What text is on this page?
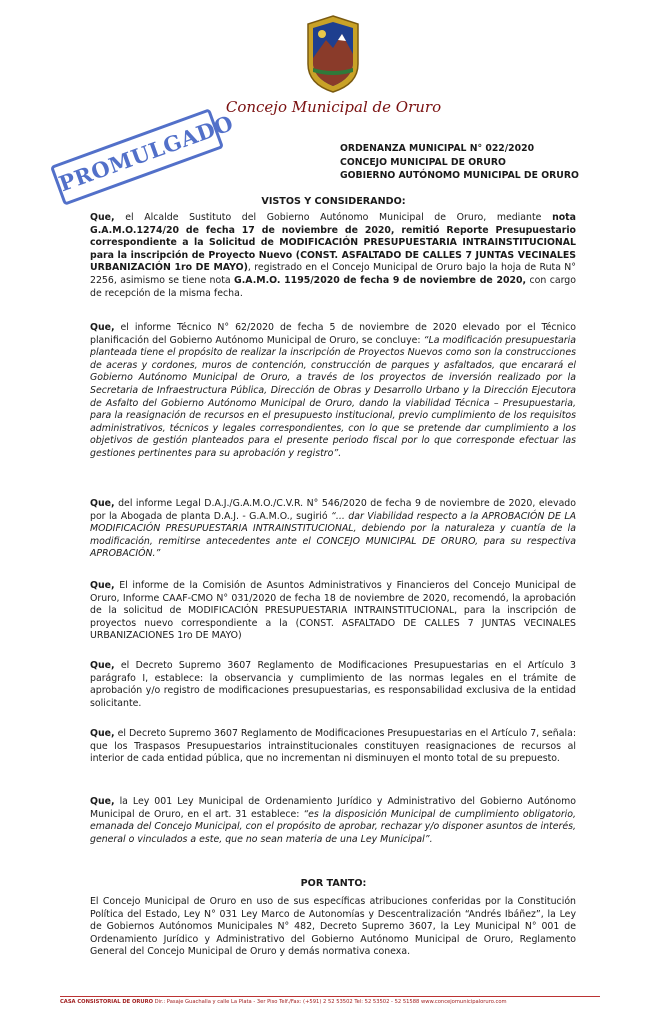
Concejo Municipal de Oruro
PROMULGADO	ORDENANZA MUNICIPAL N° 022/2020
CONCEJO MUNICIPAL DE ORURO
GOBIERNO AUTÓNOMO MUNICIPAL DE ORURO
VISTOS Y CONSIDERANDO:
Que, el Alcalde Sustituto del Gobierno Autónomo Municipal de Oruro, mediante nota G.A.M.O.1274/20 de fecha 17 de noviembre de 2020, remitió Reporte Presupuestario correspondiente a la Solicitud de MODIFICACIÓN PRESUPUESTARIA INTRAINSTITUCIONAL para la inscripción de Proyecto Nuevo (CONST. ASFALTADO DE CALLES 7 JUNTAS VECINALES URBANIZACIÓN 1ro DE MAYO), registrado en el Concejo Municipal de Oruro bajo la hoja de Ruta N° 2256, asimismo se tiene nota G.A.M.O. 1195/2020 de fecha 9 de noviembre de 2020, con cargo de recepción de la misma fecha.
Que, el informe Técnico N° 62/2020 de fecha 5 de noviembre de 2020 elevado por el Técnico planificación del Gobierno Autónomo Municipal de Oruro, se concluye: “La modificación presupuestaria planteada tiene el propósito de realizar la inscripción de Proyectos Nuevos como son la construcciones de aceras y cordones, muros de contención, construcción de parques y asfaltados, que encarará el Gobierno Autónomo Municipal de Oruro, a través de los proyectos de inversión realizado por la Secretaria de Infraestructura Pública, Dirección de Obras y Desarrollo Urbano y la Dirección Ejecutora de Asfalto del Gobierno Autónomo Municipal de Oruro, dando la viabilidad Técnica – Presupuestaria, para la reasignación de recursos en el presupuesto institucional, previo cumplimiento de los requisitos administrativos, técnicos y legales correspondientes, con lo que se pretende dar cumplimiento a los objetivos de gestión planteados para el presente periodo fiscal por lo que corresponde efectuar las gestiones pertinentes para su aprobación y registro”.
Que, del informe Legal D.A.J./G.A.M.O./C.V.R. N° 546/2020 de fecha 9 de noviembre de 2020, elevado por la Abogada de planta D.A.J. - G.A.M.O., sugirió “... dar Viabilidad respecto a la APROBACIÓN DE LA MODIFICACIÓN PRESUPUESTARIA INTRAINSTITUCIONAL, debiendo por la naturaleza y cuantía de la modificación, remitirse antecedentes ante el CONCEJO MUNICIPAL DE ORURO, para su respectiva APROBACIÓN.”
Que, El informe de la Comisión de Asuntos Administrativos y Financieros del Concejo Municipal de Oruro, Informe CAAF-CMO N° 031/2020 de fecha 18 de noviembre de 2020, recomendó, la aprobación de la solicitud de MODIFICACIÓN PRESUPUESTARIA INTRAINSTITUCIONAL, para la inscripción de proyectos nuevo correspondiente a la (CONST. ASFALTADO DE CALLES 7 JUNTAS VECINALES URBANIZACIONES 1ro DE MAYO)
Que, el Decreto Supremo 3607 Reglamento de Modificaciones Presupuestarias en el Artículo 3 parágrafo I, establece: la observancia y cumplimiento de las normas legales en el trámite de aprobación y/o registro de modificaciones presupuestarias, es responsabilidad exclusiva de la entidad solicitante.
Que, el Decreto Supremo 3607 Reglamento de Modificaciones Presupuestarias en el Artículo 7, señala: que los Traspasos Presupuestarios intrainstitucionales constituyen reasignaciones de recursos al interior de cada entidad pública, que no incrementan ni disminuyen el monto total de su prepuesto.
Que, la Ley 001 Ley Municipal de Ordenamiento Jurídico y Administrativo del Gobierno Autónomo Municipal de Oruro, en el art. 31 establece: “es la disposición Municipal de cumplimiento obligatorio, emanada del Concejo Municipal, con el propósito de aprobar, rechazar y/o disponer asuntos de interés, general o vinculados a este, que no sean materia de una Ley Municipal”.
POR TANTO:
El Concejo Municipal de Oruro en uso de sus específicas atribuciones conferidas por la Constitución Política del Estado, Ley N° 031 Ley Marco de Autonomías y Descentralización “Andrés Ibáñez”, la Ley de Gobiernos Autónomos Municipales N° 482, Decreto Supremo 3607, la Ley Municipal N° 001 de Ordenamiento Jurídico y Administrativo del Gobierno Autónomo Municipal de Oruro, Reglamento General del Concejo Municipal de Oruro y demás normativa conexa.
CASA CONSISTORIAL DE ORURO Dir.: Pasaje Guachalla y calle La Plata - 3er Piso Telf./Fax: (+591) 2 52 53502 Tel: 52 53502 - 52 51588 www.concejomunicipaloruro.com
